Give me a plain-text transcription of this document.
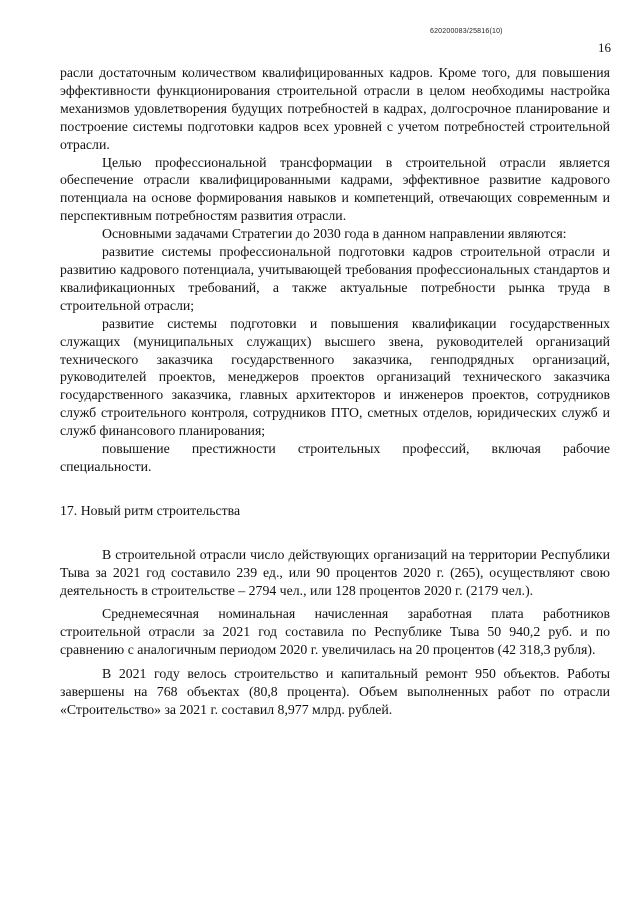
620200083/25816(10)
16

расли достаточным количеством квалифицированных кадров. Кроме того, для повышения эффективности функционирования строительной отрасли в целом необходимы настройка механизмов удовлетворения будущих потребностей в кадрах, долгосрочное планирование и построение системы подготовки кадров всех уровней с учетом потребностей строительной отрасли.

Целью профессиональной трансформации в строительной отрасли является обеспечение отрасли квалифицированными кадрами, эффективное развитие кадрового потенциала на основе формирования навыков и компетенций, отвечающих современным и перспективным потребностям развития отрасли.

Основными задачами Стратегии до 2030 года в данном направлении являются:

развитие системы профессиональной подготовки кадров строительной отрасли и развитию кадрового потенциала, учитывающей требования профессиональных стандартов и квалификационных требований, а также актуальные потребности рынка труда в строительной отрасли;

развитие системы подготовки и повышения квалификации государственных служащих (муниципальных служащих) высшего звена, руководителей организаций технического заказчика государственного заказчика, генподрядных организаций, руководителей проектов, менеджеров проектов организаций технического заказчика государственного заказчика, главных архитекторов и инженеров проектов, сотрудников служб строительного контроля, сотрудников ПТО, сметных отделов, юридических служб и служб финансового планирования;

повышение престижности строительных профессий, включая рабочие специальности.

17. Новый ритм строительства

В строительной отрасли число действующих организаций на территории Республики Тыва за 2021 год составило 239 ед., или 90 процентов 2020 г. (265), осуществляют свою деятельность в строительстве – 2794 чел., или 128 процентов 2020 г. (2179 чел.).

Среднемесячная номинальная начисленная заработная плата работников строительной отрасли за 2021 год составила по Республике Тыва 50 940,2 руб. и по сравнению с аналогичным периодом 2020 г. увеличилась на 20 процентов (42 318,3 рубля).

В 2021 году велось строительство и капитальный ремонт 950 объектов. Работы завершены на 768 объектах (80,8 процента). Объем выполненных работ по отрасли «Строительство» за 2021 г. составил 8,977 млрд. рублей.
